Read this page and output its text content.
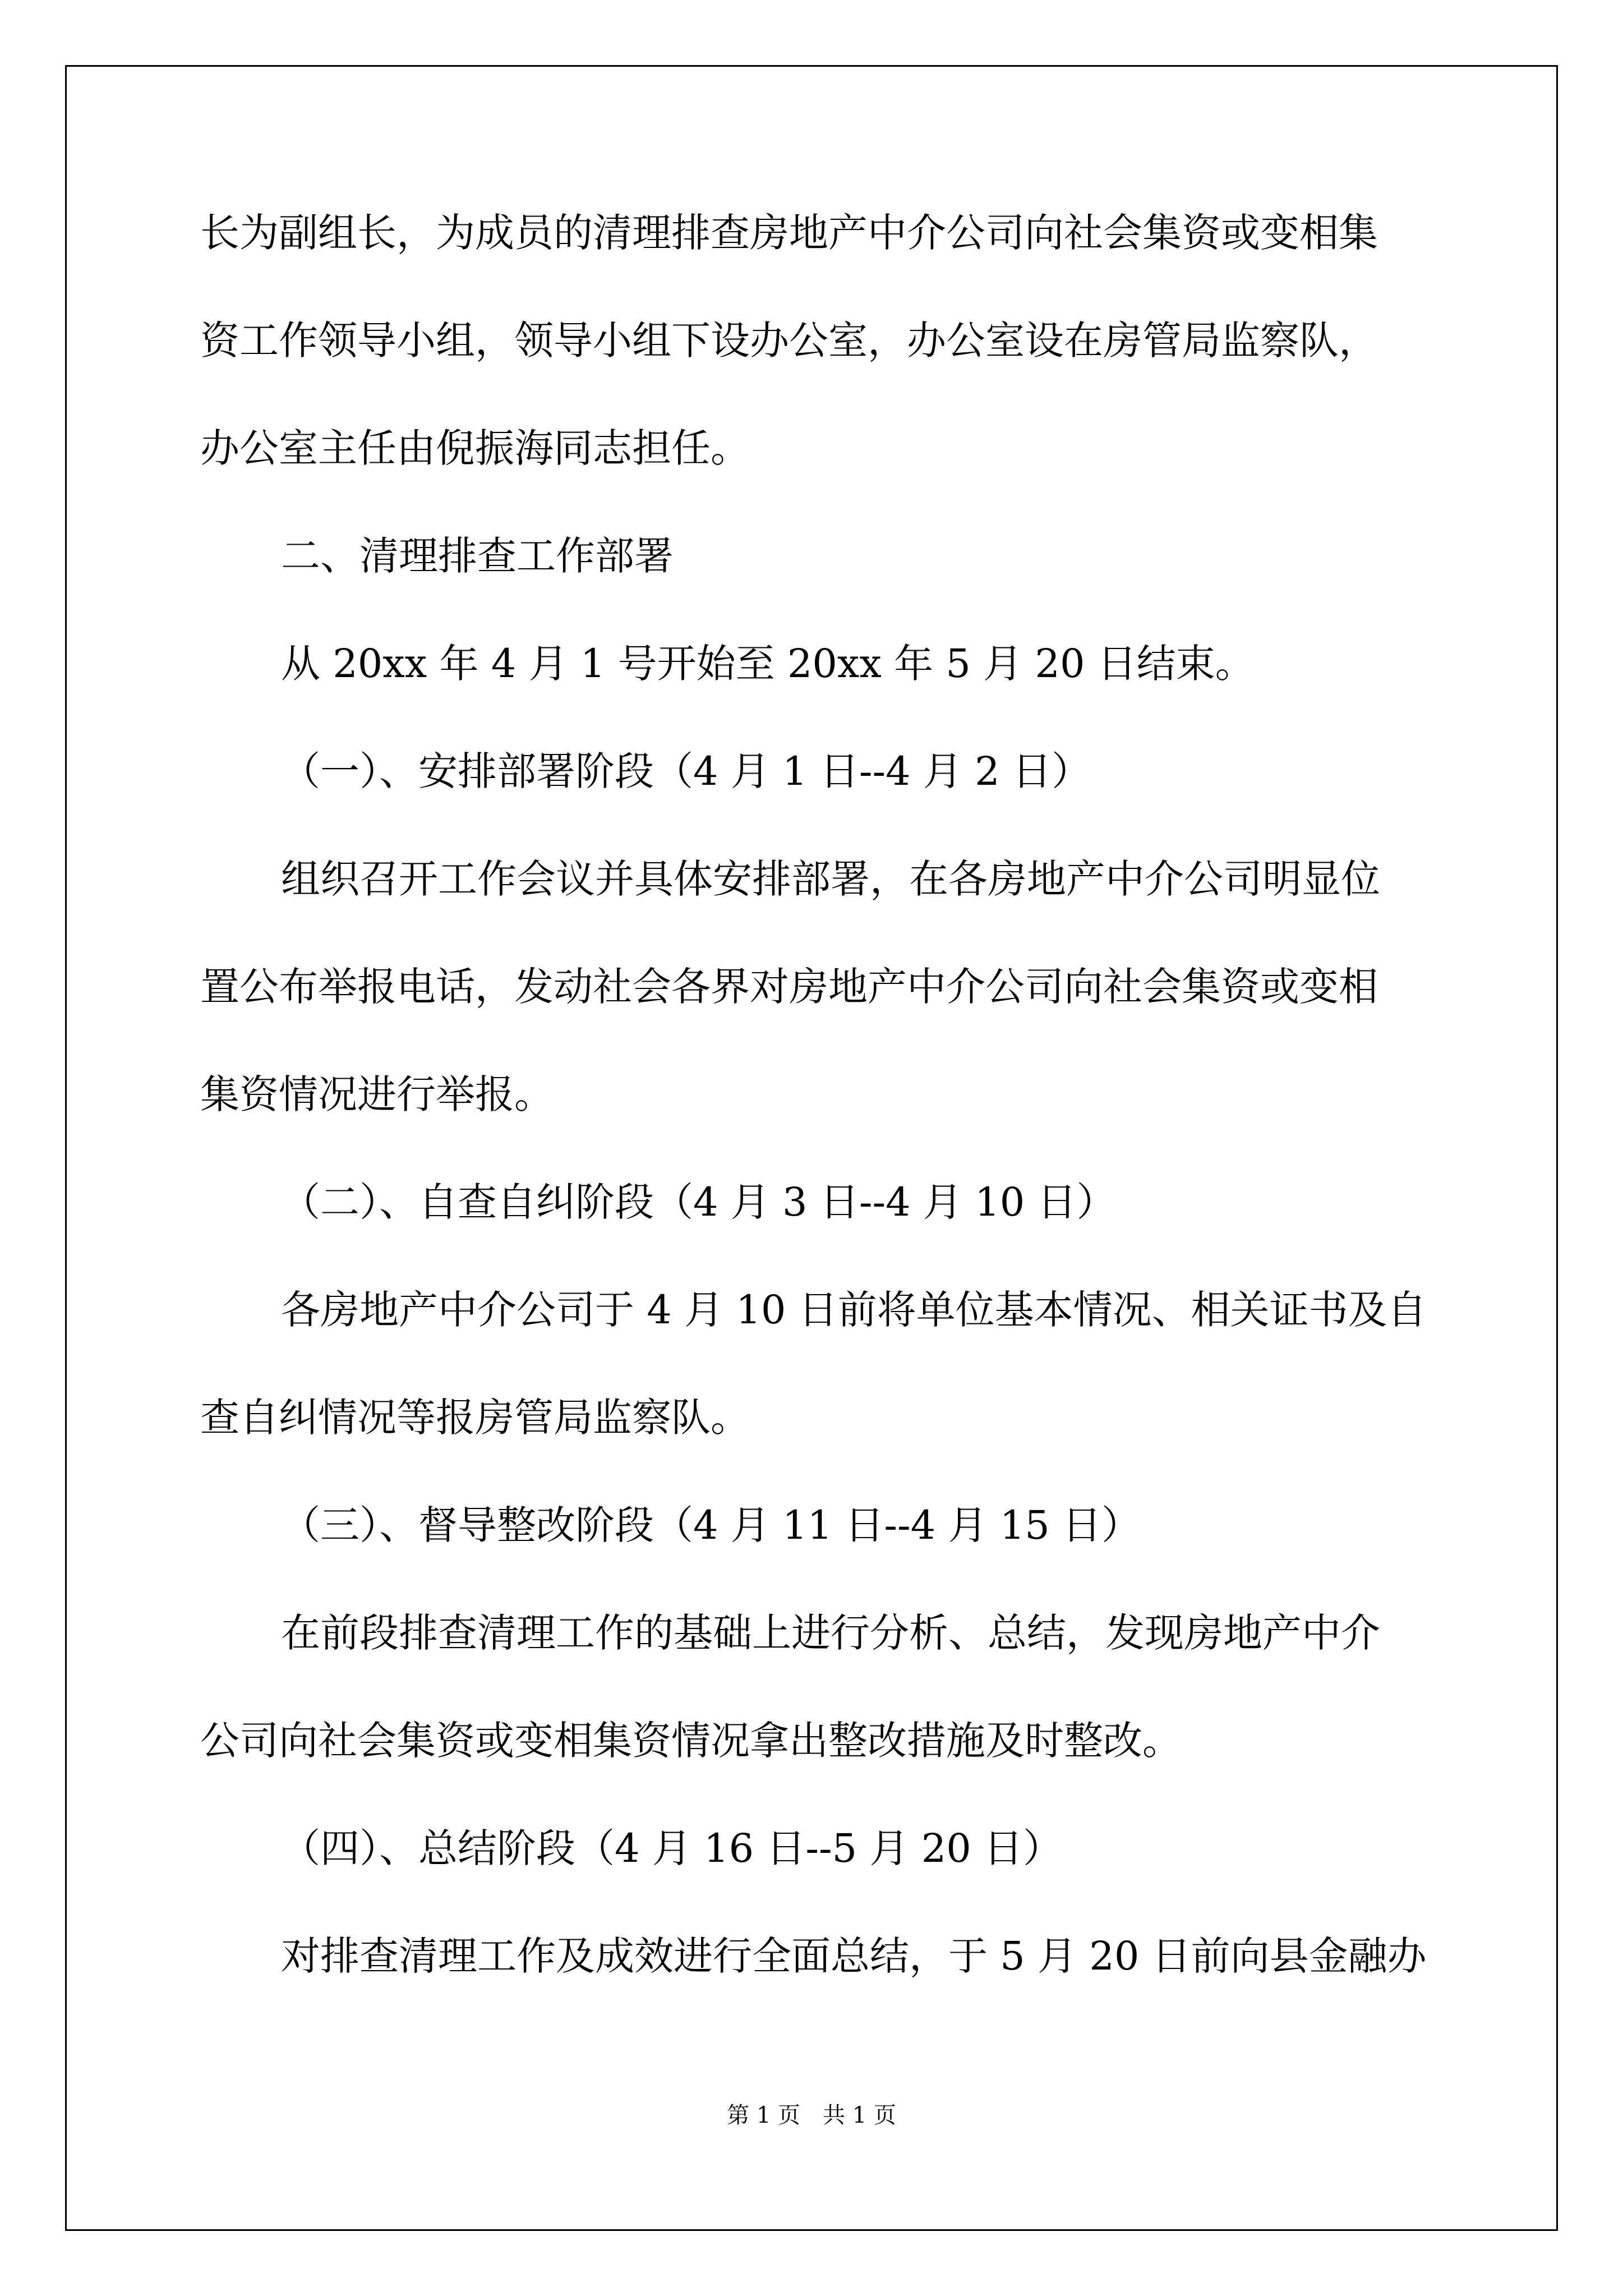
长为副组长，为成员的清理排查房地产中介公司向社会集资或变相集
资工作领导小组，领导小组下设办公室，办公室设在房管局监察队，
办公室主任由倪振海同志担任。
二、清理排查工作部署
从 20xx 年 4 月 1 号开始至 20xx 年 5 月 20 日结束。
（一）、安排部署阶段（4 月 1 日--4 月 2 日）
组织召开工作会议并具体安排部署，在各房地产中介公司明显位
置公布举报电话，发动社会各界对房地产中介公司向社会集资或变相
集资情况进行举报。
（二）、自查自纠阶段（4 月 3 日--4 月 10 日）
各房地产中介公司于 4 月 10 日前将单位基本情况、相关证书及自
查自纠情况等报房管局监察队。
（三）、督导整改阶段（4 月 11 日--4 月 15 日）
在前段排查清理工作的基础上进行分析、总结，发现房地产中介
公司向社会集资或变相集资情况拿出整改措施及时整改。
（四）、总结阶段（4 月 16 日--5 月 20 日）
对排查清理工作及成效进行全面总结，于 5 月 20 日前向县金融办
第 1 页　共 1 页
